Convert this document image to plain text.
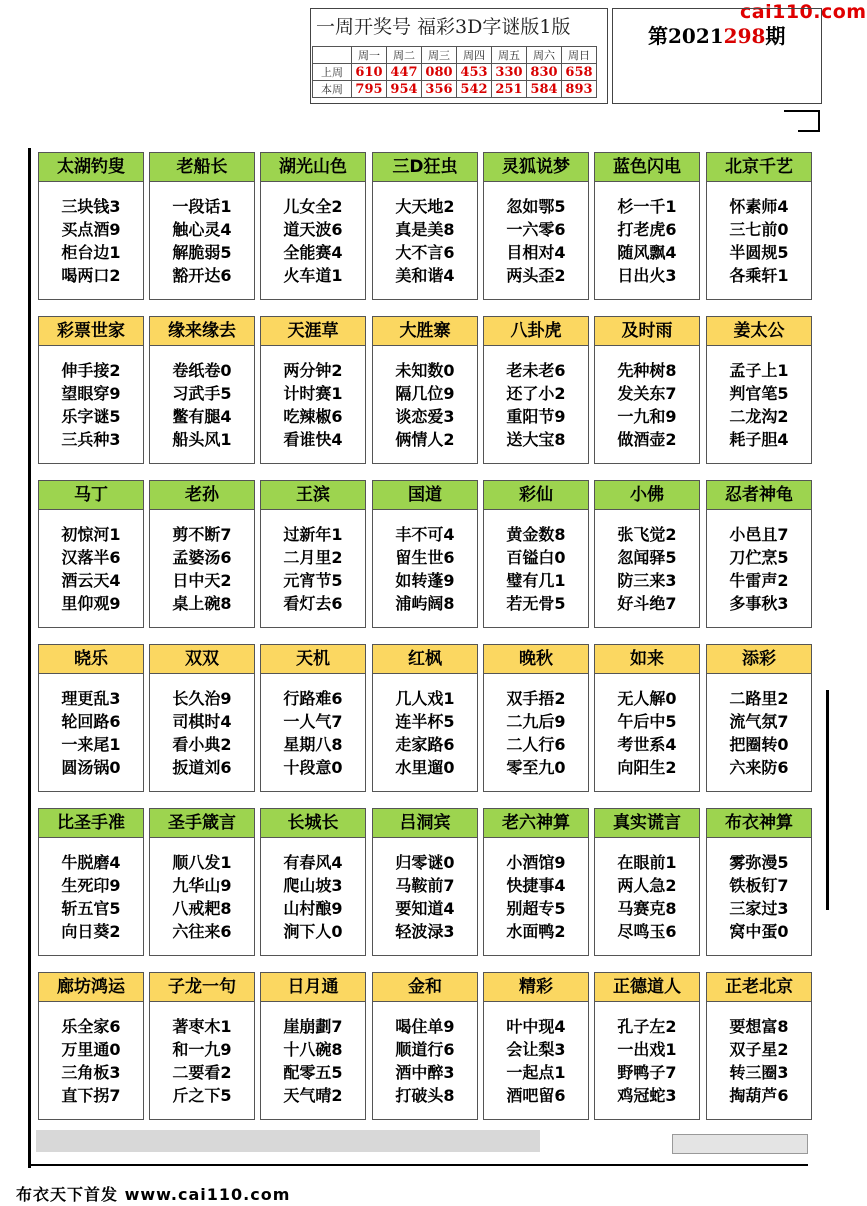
cai110.com
一周开奖号 福彩3D字谜版1版
	周一	周二	周三	周四	周五	周六	周日
上周	610	447	080	453	330	830	658
本周	795	954	356	542	251	584	893
第2021298期
太湖钓叟
三块钱3
买点酒9
柜台边1
喝两口2
老船长
一段话1
触心灵4
解脆弱5
豁开达6
湖光山色
儿女全2
道天波6
全能赛4
火车道1
三D狂虫
大天地2
真是美8
大不言6
美和谐4
灵狐说梦
忽如鄂5
一六零6
目相对4
两头歪2
蓝色闪电
杉一千1
打老虎6
随风飘4
日出火3
北京千艺
怀素师4
三七前0
半圆规5
各乘轩1
彩票世家
伸手接2
望眼穿9
乐字谜5
三兵种3
缘来缘去
卷纸卷0
习武手5
鳖有腿4
船头风1
天涯草
两分钟2
计时赛1
吃辣椒6
看谁快4
大胜寨
未知数0
隔几位9
谈恋爱3
俩情人2
八卦虎
老未老6
还了小2
重阳节9
送大宝8
及时雨
先种树8
发关东7
一九和9
做酒壶2
姜太公
孟子上1
判官笔5
二龙沟2
耗子胆4
马丁
初惊河1
汉落半6
酒云天4
里仰观9
老孙
剪不断7
孟婆汤6
日中天2
桌上碗8
王滨
过新年1
二月里2
元宵节5
看灯去6
国道
丰不可4
留生世6
如转蓬9
浦屿阔8
彩仙
黄金数8
百镒白0
璧有几1
若无骨5
小佛
张飞觉2
忽闻驿5
防三来3
好斗绝7
忍者神龟
小邑且7
刀伫烹5
牛雷声2
多事秋3
晓乐
理更乱3
轮回路6
一来尾1
圆汤锅0
双双
长久治9
司棋时4
看小典2
扳道刘6
天机
行路难6
一人气7
星期八8
十段意0
红枫
几人戏1
连半杯5
走家路6
水里遛0
晚秋
双手捂2
二九后9
二人行6
零至九0
如来
无人解0
午后中5
考世系4
向阳生2
添彩
二路里2
流气氛7
把圈转0
六来防6
比圣手准
牛脱磨4
生死印9
斩五官5
向日葵2
圣手箴言
顺八发1
九华山9
八戒耙8
六往来6
长城长
有春风4
爬山坡3
山村酿9
涧下人0
吕洞宾
归零谜0
马鞍前7
要知道4
轻波渌3
老六神算
小酒馆9
快捷事4
别超专5
水面鸭2
真实谎言
在眼前1
两人急2
马赛克8
尽鸣玉6
布衣神算
雾弥漫5
铁板钉7
三家过3
窝中蛋0
廊坊鸿运
乐全家6
万里通0
三角板3
直下拐7
子龙一句
著枣木1
和一九9
二要看2
斤之下5
日月通
崖崩劃7
十八碗8
配零五5
天气晴2
金和
喝住单9
顺道行6
酒中醉3
打破头8
精彩
叶中现4
会让梨3
一起点1
酒吧留6
正德道人
孔子左2
一出戏1
野鸭子7
鸡冠蛇3
正老北京
要想富8
双子星2
转三圈3
掏葫芦6
布衣天下首发 www.cai110.com
